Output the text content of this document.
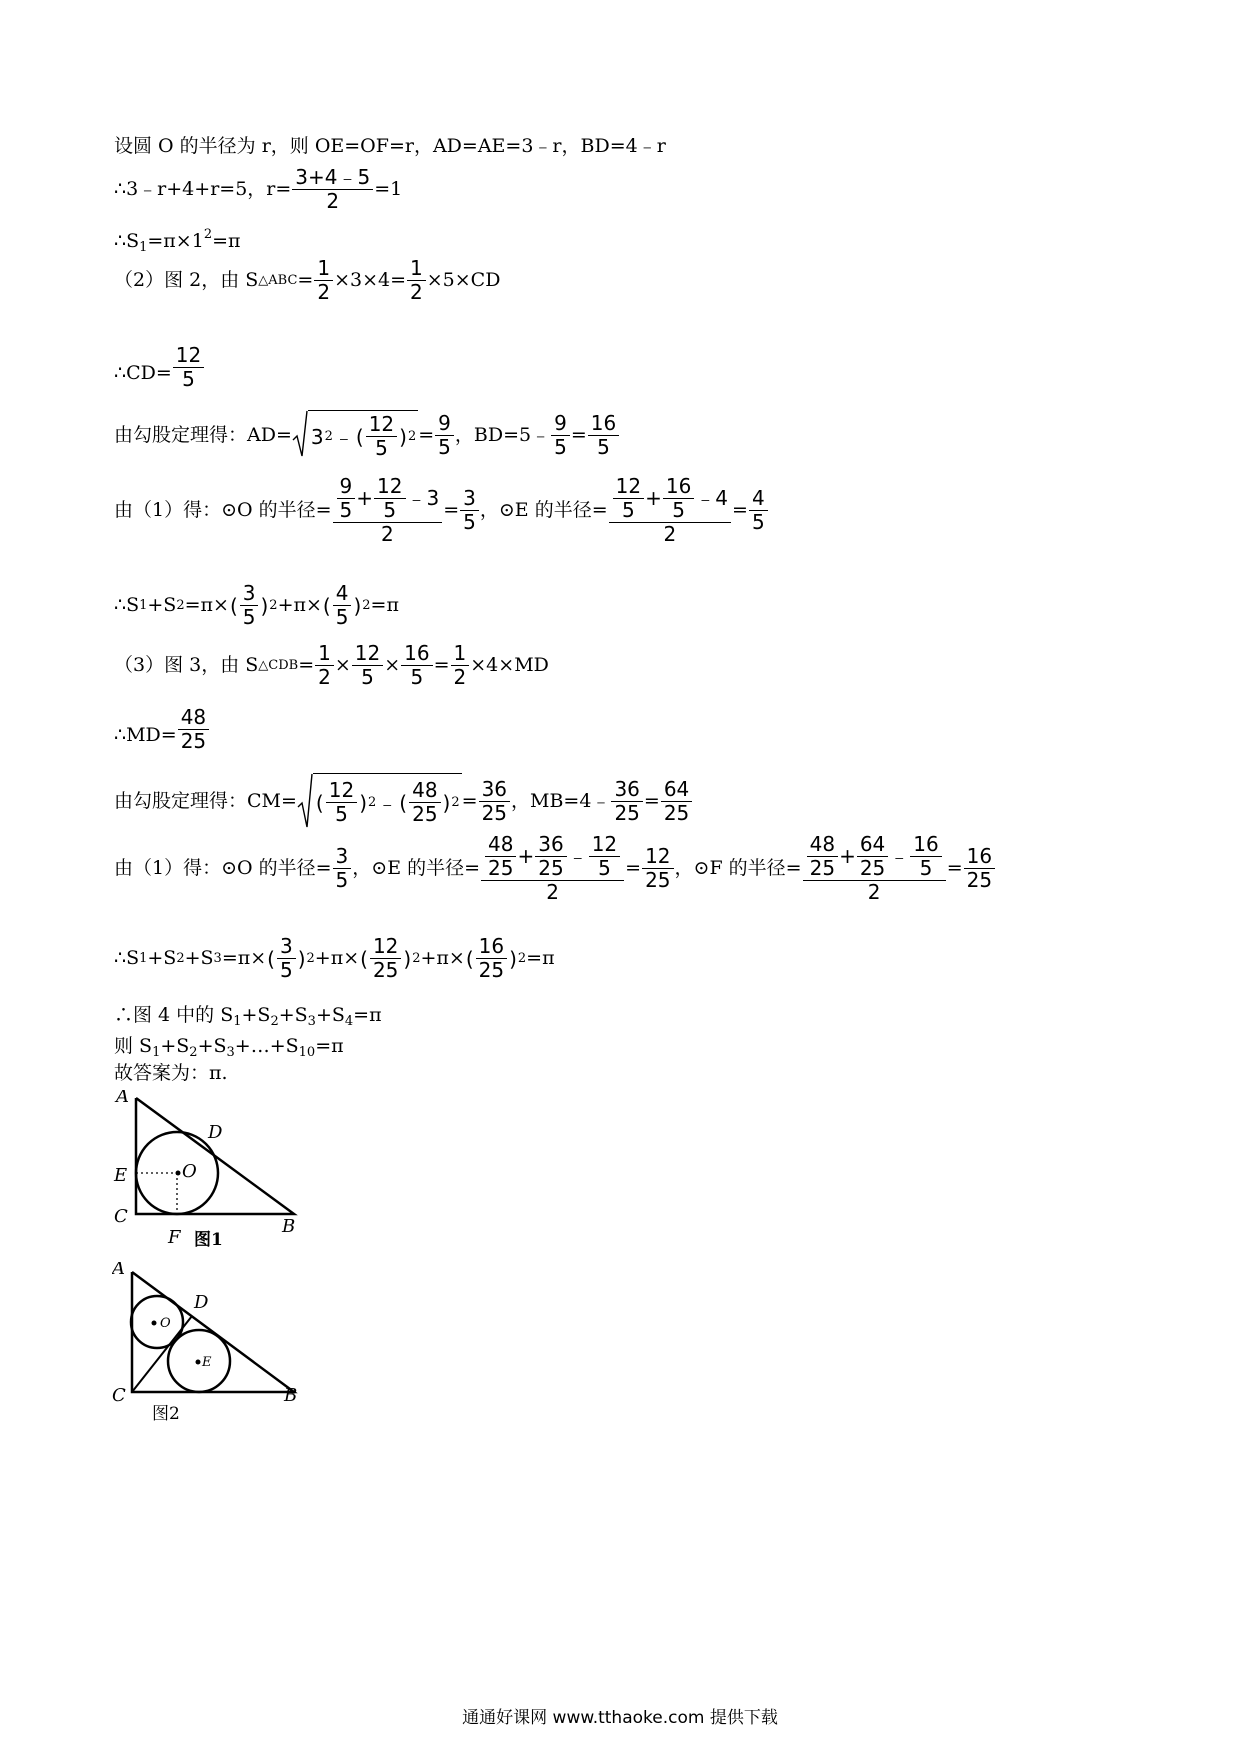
设圆 O 的半径为 r，则 OE=OF=r，AD=AE=3﹣r，BD=4﹣r
∴3﹣r+4+r=5，r= 3+4﹣5
2 =1
$\therefore S_1=\pi\times 1^2=\pi$
（2）图 2，由 S △ABC = 1
2 ×3×4= 1
2 ×5×CD
∴CD=
12
5
由勾股定理得：AD= 3 2 ﹣ (
12
5 ) 2 = 9
5 ，BD=5﹣ 9
5 = 16
5
由（1）得：⊙O 的半径=
9
5 + 12
5 ﹣3
2
= 3
5 ，⊙E 的半径=
12
5 + 16
5 ﹣4
2
= 4
5
∴S 1 +S 2 =π× (
3
5 ) 2 +π× (
4
5 ) 2 =π
（3）图 3，由 S △CDB = 1
2 × 12
5 × 16
5 = 1
2 ×4×MD
∴MD=
48
25
由勾股定理得：CM= (
12
5 ) 2 ﹣ (
48
25 ) 2 = 36
25 ，MB=4﹣ 36
25 = 64
25
由（1）得：⊙O 的半径= 3
5 ，⊙E 的半径=
48
25 + 36
25 ﹣ 12
5
2
= 12
25 ，⊙F 的半径=
48
25 + 64
25 ﹣ 16
5
2
= 16
25
∴S 1 +S 2 +S 3 =π× (
3
5 ) 2 +π× (
12
25 ) 2 +π× (
16
25 ) 2 =π
∴图 4 中的 $S_1+S_2+S_3+S_4=\pi$
则 $S_1+S_2+S_3+\dots+S_{10}=\pi$
故答案为：π.
A
D
E	O
C	B
F 图1
A
D
O
E
C	B
图2
通通好课网 www.tthaoke.com 提供下载
